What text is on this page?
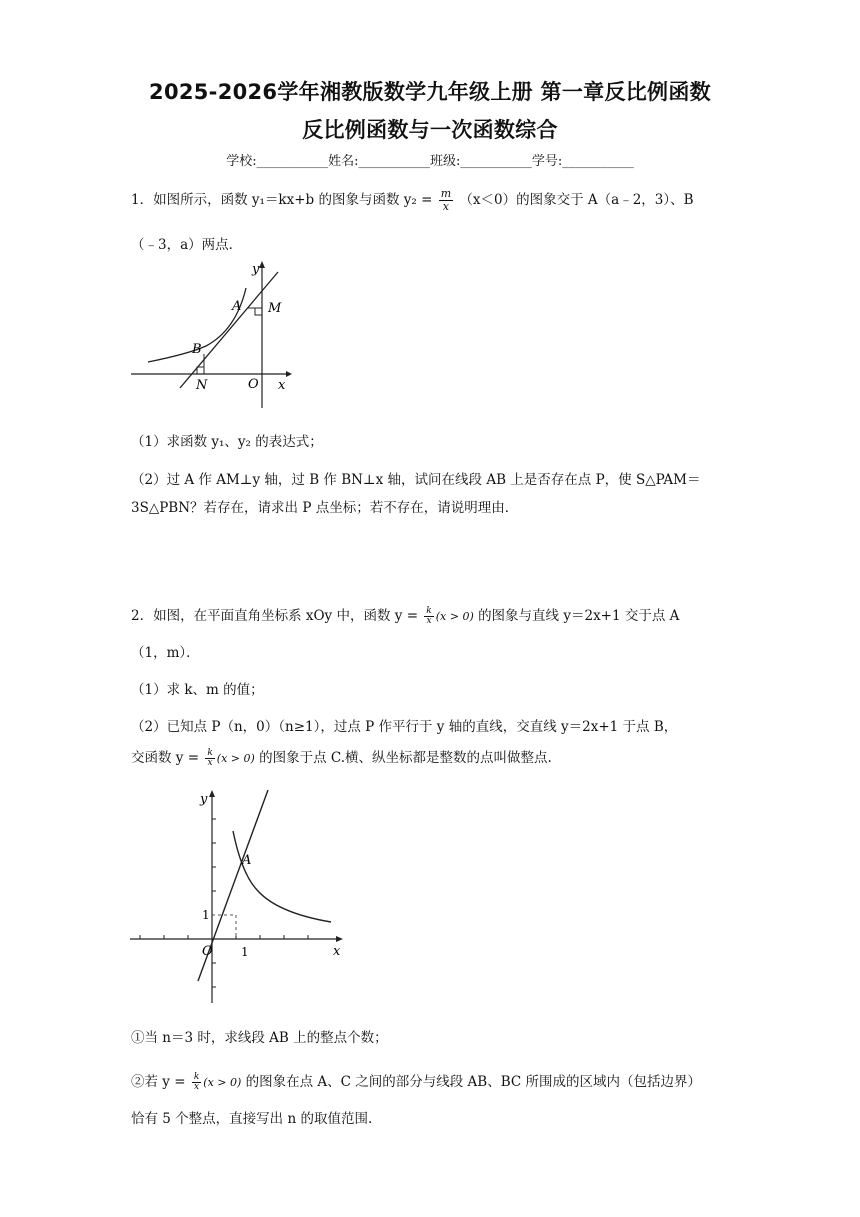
2025-2026学年湘教版数学九年级上册 第一章反比例函数
反比例函数与一次函数综合
学校:___________姓名:___________班级:___________学号:___________
1．如图所示，函数 y₁＝kx+b 的图象与函数 $y_2 = \frac{m}{x} (x<0)$的图象交于 A（a﹣2，3）、B
（﹣3，a）两点．
A M
B
N	O x
y
（1）求函数 y₁、y₂ 的表达式；
（2）过 A 作 AM⊥y 轴，过 B 作 BN⊥x 轴，试问在线段 AB 上是否存在点 P，使 S△PAM＝
3S△PBN？若存在，请求出 P 点坐标；若不存在，请说明理由．
2．如图，在平面直角坐标系 xOy 中，函数 $y = \frac{k}{x} (x > 0)$ 的图象与直线 y＝2x+1 交于点 A
（1，m）．
（1）求 k、m 的值；
（2）已知点 P（n，0）（n≥1），过点 P 作平行于 y 轴的直线，交直线 y＝2x+1 于点 B，
交函数 $y = \frac{k}{x} (x > 0)$ 的图象于点 C.横、纵坐标都是整数的点叫做整点.
A
O 1
1
x
y
①当 n＝3 时，求线段 AB 上的整点个数；
②若 $y = \frac{k}{x} (x > 0)$ 的图象在点 A、C 之间的部分与线段 AB、BC 所围成的区域内（包括边界）
恰有 5 个整点，直接写出 n 的取值范围.
